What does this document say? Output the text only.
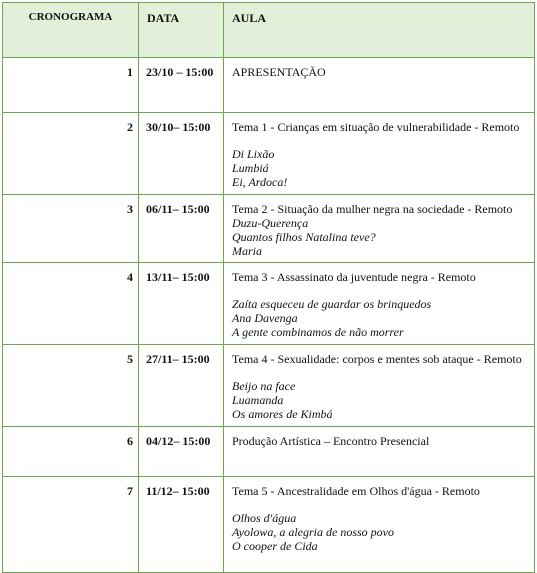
CRONOGRAMA	DATA	AULA
1	23/10 – 15:00	APRESENTAÇÃO

2	30/10– 15:00	Tema 1 - Crianças em situação de vulnerabilidade - Remoto
Di Lixão
Lumbiá
Ei, Ardoca!

3	06/11– 15:00	Tema 2 - Situação da mulher negra na sociedade - Remoto
Duzu-Querença
Quantos filhos Natalina teve?
Maria

4	13/11– 15:00	Tema 3 - Assassinato da juventude negra - Remoto
Zaíta esqueceu de guardar os brinquedos
Ana Davenga
A gente combinamos de não morrer

5	27/11– 15:00	Tema 4 - Sexualidade: corpos e mentes sob ataque - Remoto
Beijo na face
Luamanda
Os amores de Kimbá

6	04/12– 15:00	Produção Artística – Encontro Presencial

7	11/12– 15:00	Tema 5 - Ancestralidade em Olhos d'água - Remoto
Olhos d'água
Ayolowa, a alegria de nosso povo
O cooper de Cida
